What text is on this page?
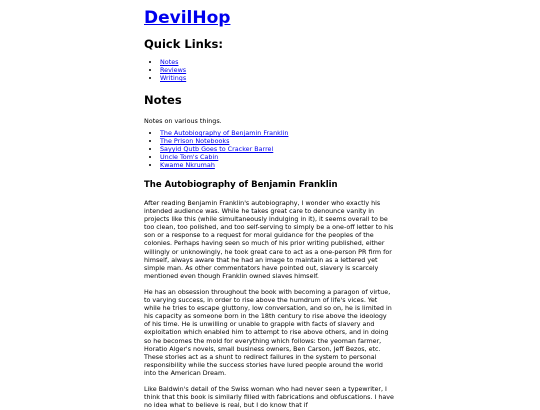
DevilHop
Quick Links:
• Notes
• Reviews
• Writings
Notes

Notes on various things.

• The Autobiography of Benjamin Franklin
• The Prison Notebooks
• Sayyid Qutb Goes to Cracker Barrel
• Uncle Tom's Cabin
• Kwame Nkrumah
The Autobiography of Benjamin Franklin

After reading Benjamin Franklin's autobiography, I wonder who exactly his intended audience was. While he takes great care to denounce vanity in projects like this (while simultaneously indulging in it), it seems overall to be too clean, too polished, and too self-serving to simply be a one-off letter to his son or a response to a request for moral guidance for the peoples of the colonies. Perhaps having seen so much of his prior writing published, either willingly or unknowingly, he took great care to act as a one-person PR firm for himself, always aware that he had an image to maintain as a lettered yet simple man. As other commentators have pointed out, slavery is scarcely mentioned even though Franklin owned slaves himself.

He has an obsession throughout the book with becoming a paragon of virtue, to varying success, in order to rise above the humdrum of life's vices. Yet while he tries to escape gluttony, low conversation, and so on, he is limited in his capacity as someone born in the 18th century to rise above the ideology of his time. He is unwilling or unable to grapple with facts of slavery and exploitation which enabled him to attempt to rise above others, and in doing so he becomes the mold for everything which follows: the yeoman farmer, Horatio Alger's novels, small business owners, Ben Carson, Jeff Bezos, etc. These stories act as a shunt to redirect failures in the system to personal responsibility while the success stories have lured people around the world into the American Dream.

Like Baldwin's detail of the Swiss woman who had never seen a typewriter, I think that this book is similarly filled with fabrications and obfuscations. I have no idea what to believe is real, but I do know that if
